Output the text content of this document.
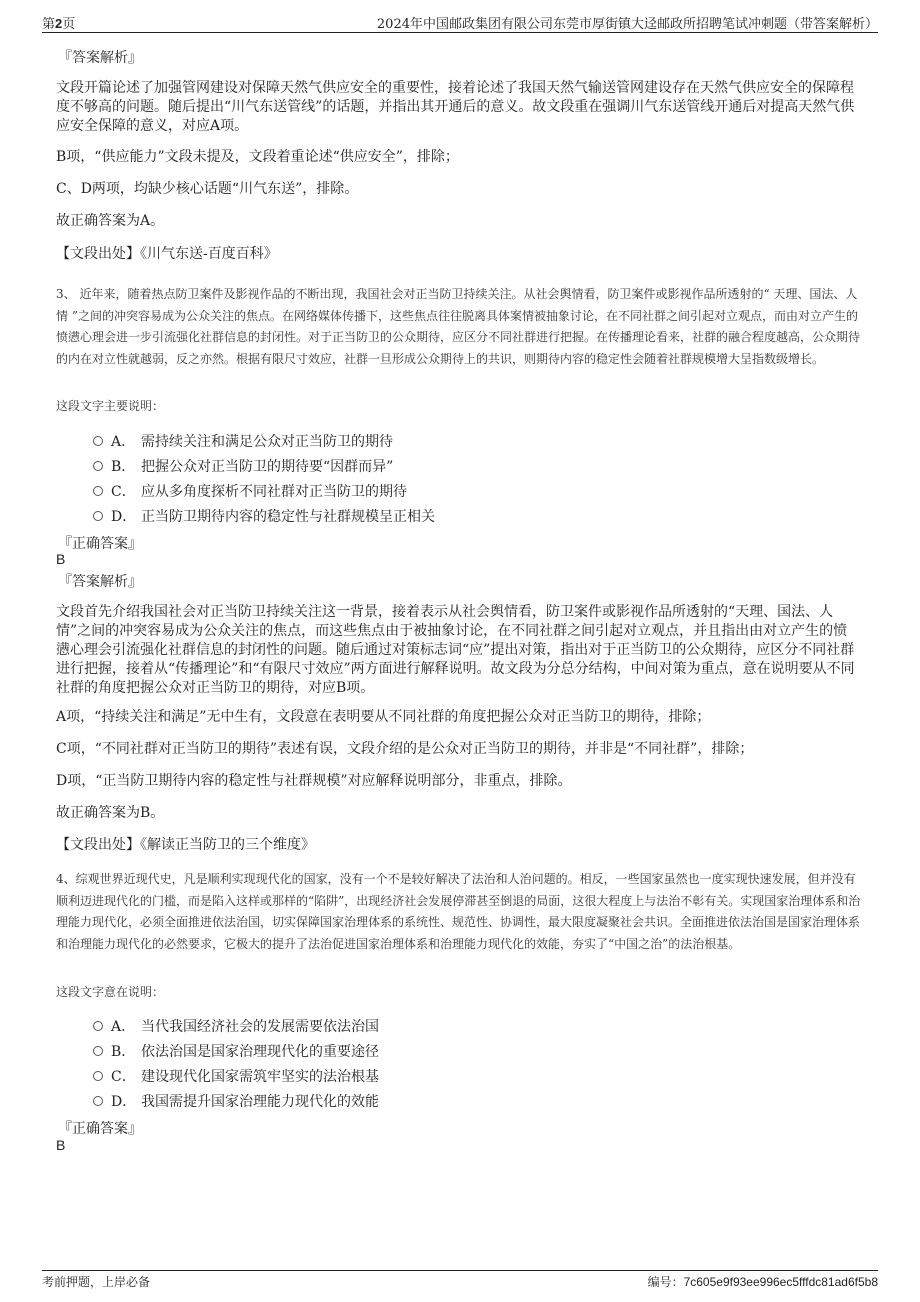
第2页	2024年中国邮政集团有限公司东莞市厚街镇大迳邮政所招聘笔试冲刺题（带答案解析）

『答案解析』

文段开篇论述了加强管网建设对保障天然气供应安全的重要性，接着论述了我国天然气输送管网建设存在天然气供应安全的保障程度不够高的问题。随后提出“川气东送管线”的话题，并指出其开通后的意义。故文段重在强调川气东送管线开通后对提高天然气供应安全保障的意义，对应A项。

B项，“供应能力”文段未提及，文段着重论述“供应安全”，排除；

C、D两项，均缺少核心话题“川气东送”，排除。

故正确答案为A。

【文段出处】《川气东送-百度百科》

3、 近年来，随着热点防卫案件及影视作品的不断出现，我国社会对正当防卫持续关注。从社会舆情看，防卫案件或影视作品所透射的“ 天理、国法、人情 ”之间的冲突容易成为公众关注的焦点。在网络媒体传播下，这些焦点往往脱离具体案情被抽象讨论，在不同社群之间引起对立观点，而由对立产生的愤懑心理会进一步引流强化社群信息的封闭性。对于正当防卫的公众期待，应区分不同社群进行把握。在传播理论看来，社群的融合程度越高，公众期待的内在对立性就越弱，反之亦然。根据有限尺寸效应，社群一旦形成公众期待上的共识，则期待内容的稳定性会随着社群规模增大呈指数级增长。

这段文字主要说明：

A． 需持续关注和满足公众对正当防卫的期待
B． 把握公众对正当防卫的期待要“因群而异”
C． 应从多角度探析不同社群对正当防卫的期待
D． 正当防卫期待内容的稳定性与社群规模呈正相关

『正确答案』

B

『答案解析』

文段首先介绍我国社会对正当防卫持续关注这一背景，接着表示从社会舆情看，防卫案件或影视作品所透射的“天理、国法、人情”之间的冲突容易成为公众关注的焦点，而这些焦点由于被抽象讨论，在不同社群之间引起对立观点，并且指出由对立产生的愤懑心理会引流强化社群信息的封闭性的问题。随后通过对策标志词“应”提出对策，指出对于正当防卫的公众期待，应区分不同社群进行把握，接着从“传播理论”和“有限尺寸效应”两方面进行解释说明。故文段为分总分结构，中间对策为重点，意在说明要从不同社群的角度把握公众对正当防卫的期待，对应B项。

A项，“持续关注和满足”无中生有，文段意在表明要从不同社群的角度把握公众对正当防卫的期待，排除；

C项，“不同社群对正当防卫的期待”表述有误，文段介绍的是公众对正当防卫的期待，并非是“不同社群”，排除；

D项，“正当防卫期待内容的稳定性与社群规模”对应解释说明部分，非重点，排除。

故正确答案为B。

【文段出处】《解读正当防卫的三个维度》

4、综观世界近现代史，凡是顺利实现现代化的国家，没有一个不是较好解决了法治和人治问题的。相反，一些国家虽然也一度实现快速发展，但并没有顺利迈进现代化的门槛，而是陷入这样或那样的“陷阱”，出现经济社会发展停滞甚至倒退的局面，这很大程度上与法治不彰有关。实现国家治理体系和治理能力现代化，必须全面推进依法治国，切实保障国家治理体系的系统性、规范性、协调性，最大限度凝聚社会共识。全面推进依法治国是国家治理体系和治理能力现代化的必然要求，它极大的提升了法治促进国家治理体系和治理能力现代化的效能，夯实了“中国之治”的法治根基。

这段文字意在说明：

A． 当代我国经济社会的发展需要依法治国
B． 依法治国是国家治理现代化的重要途径
C． 建设现代化国家需筑牢坚实的法治根基
D． 我国需提升国家治理能力现代化的效能

『正确答案』

B

考前押题，上岸必备	编号：7c605e9f93ee996ec5fffdc81ad6f5b8
